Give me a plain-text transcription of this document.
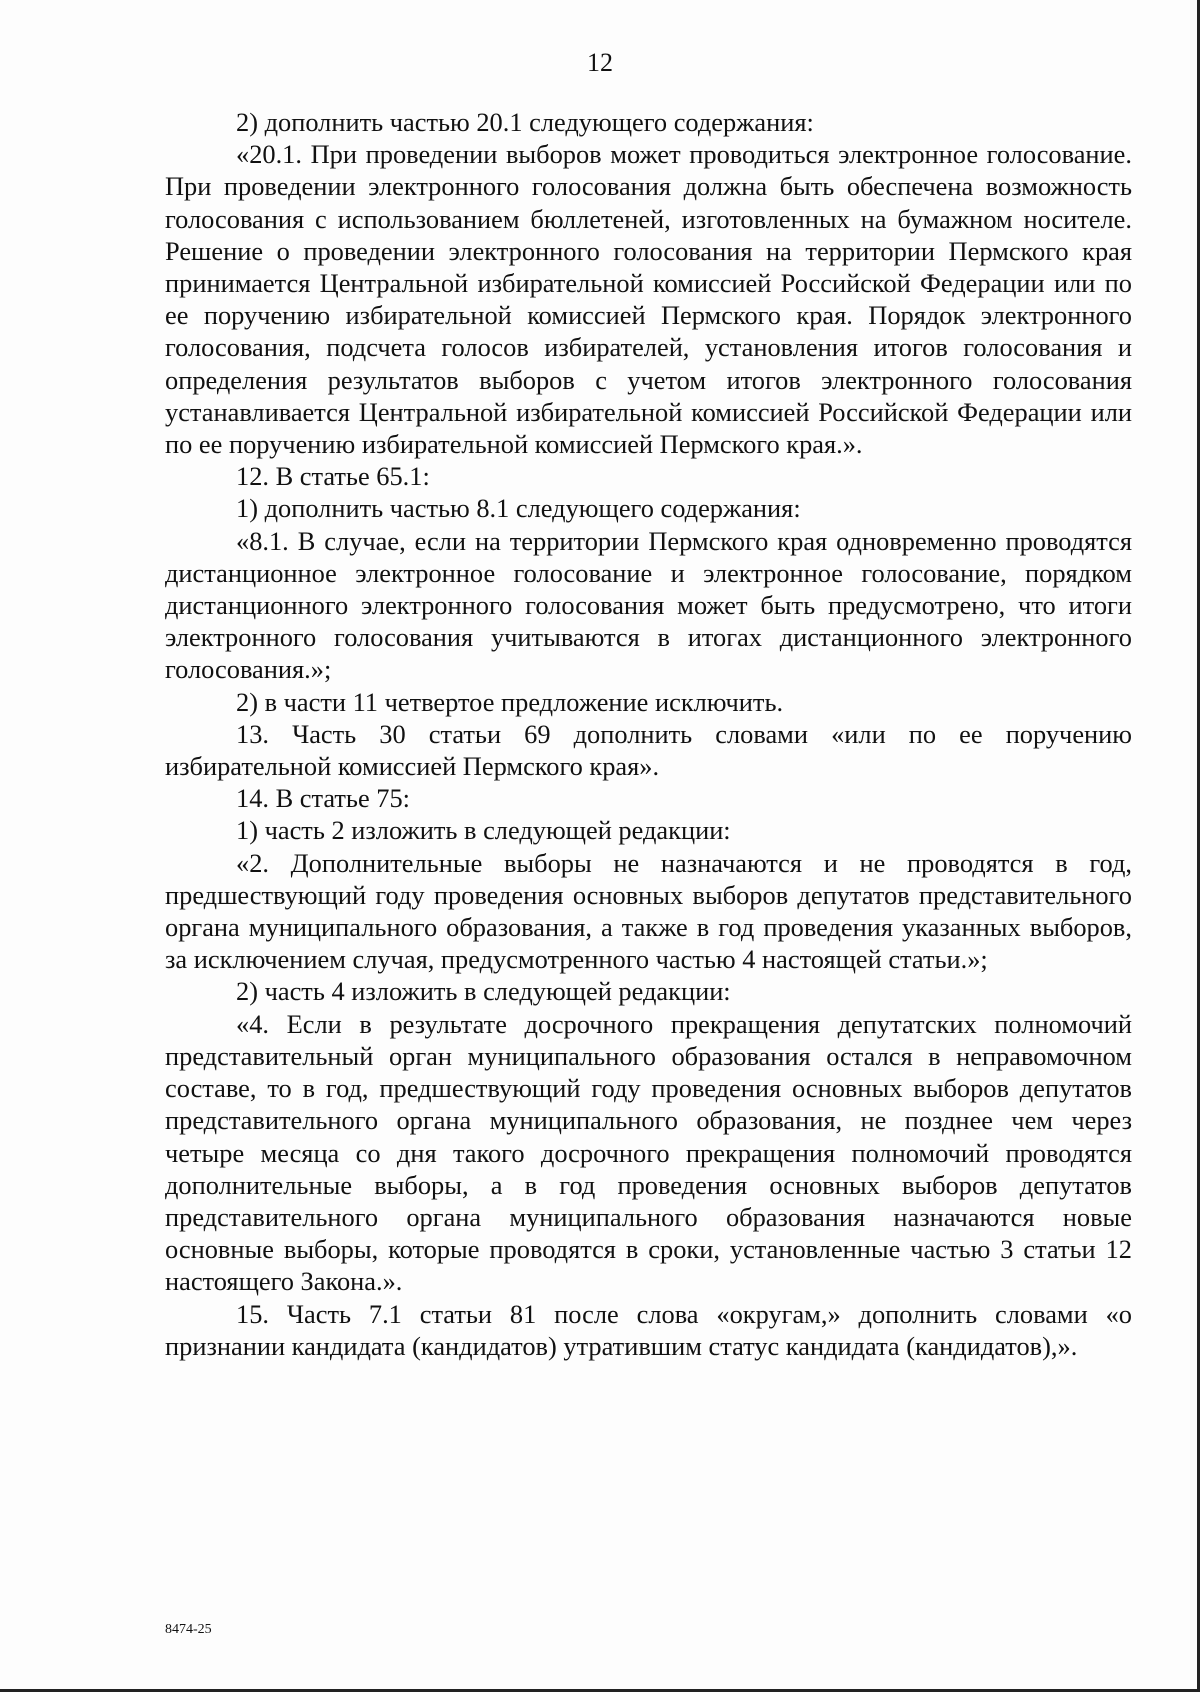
12

2) дополнить частью 20.1 следующего содержания:

«20.1. При проведении выборов может проводиться электронное голосование. При проведении электронного голосования должна быть обеспечена возможность голосования с использованием бюллетеней, изготовленных на бумажном носителе. Решение о проведении электронного голосования на территории Пермского края принимается Центральной избирательной комиссией Российской Федерации или по ее поручению избирательной комиссией Пермского края. Порядок электронного голосования, подсчета голосов избирателей, установления итогов голосования и определения результатов выборов с учетом итогов электронного голосования устанавливается Центральной избирательной комиссией Российской Федерации или по ее поручению избирательной комиссией Пермского края.».

12. В статье 65.1:

1) дополнить частью 8.1 следующего содержания:

«8.1. В случае, если на территории Пермского края одновременно проводятся дистанционное электронное голосование и электронное голосование, порядком дистанционного электронного голосования может быть предусмотрено, что итоги электронного голосования учитываются в итогах дистанционного электронного голосования.»;

2) в части 11 четвертое предложение исключить.

13. Часть 30 статьи 69 дополнить словами «или по ее поручению избирательной комиссией Пермского края».

14. В статье 75:

1) часть 2 изложить в следующей редакции:

«2. Дополнительные выборы не назначаются и не проводятся в год, предшествующий году проведения основных выборов депутатов представительного органа муниципального образования, а также в год проведения указанных выборов, за исключением случая, предусмотренного частью 4 настоящей статьи.»;

2) часть 4 изложить в следующей редакции:

«4. Если в результате досрочного прекращения депутатских полномочий представительный орган муниципального образования остался в неправомочном составе, то в год, предшествующий году проведения основных выборов депутатов представительного органа муниципального образования, не позднее чем через четыре месяца со дня такого досрочного прекращения полномочий проводятся дополнительные выборы, а в год проведения основных выборов депутатов представительного органа муниципального образования назначаются новые основные выборы, которые проводятся в сроки, установленные частью 3 статьи 12 настоящего Закона.».

15. Часть 7.1 статьи 81 после слова «округам,» дополнить словами «о признании кандидата (кандидатов) утратившим статус кандидата (кандидатов),».

8474-25
